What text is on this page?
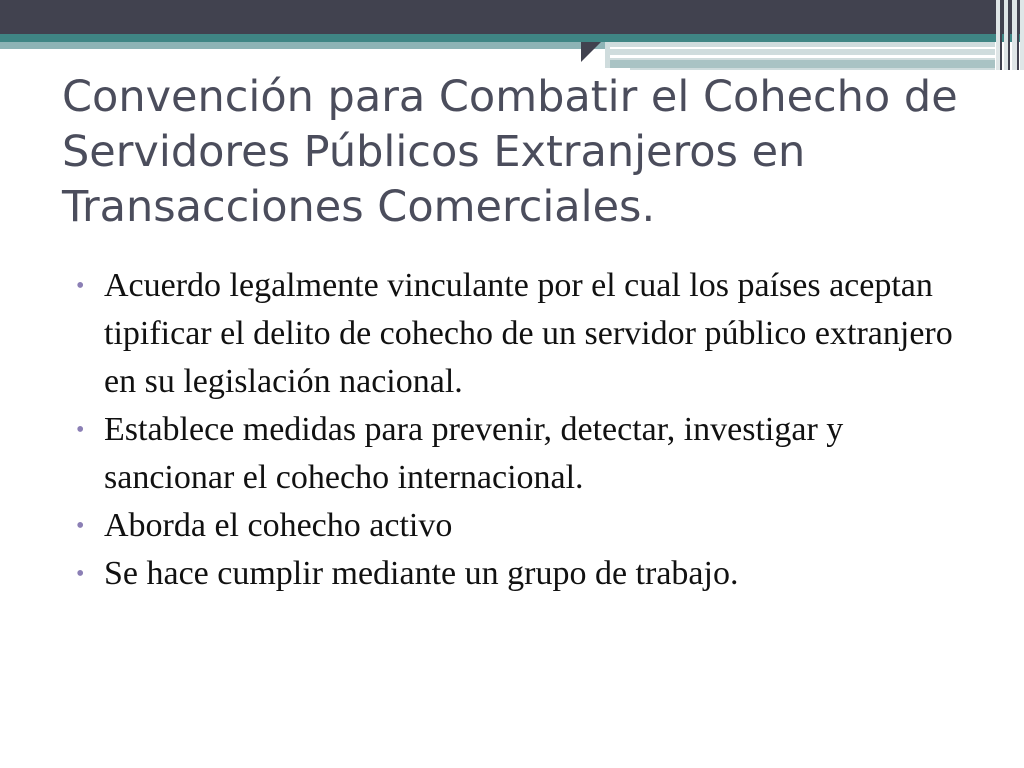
Convención para Combatir el Cohecho de Servidores Públicos Extranjeros en Transacciones Comerciales.
• Acuerdo legalmente vinculante por el cual los países aceptan tipificar el delito de cohecho de un servidor público extranjero en su legislación nacional.
• Establece medidas para prevenir, detectar, investigar y sancionar el cohecho internacional.
• Aborda el cohecho activo
• Se hace cumplir mediante un grupo de trabajo.
